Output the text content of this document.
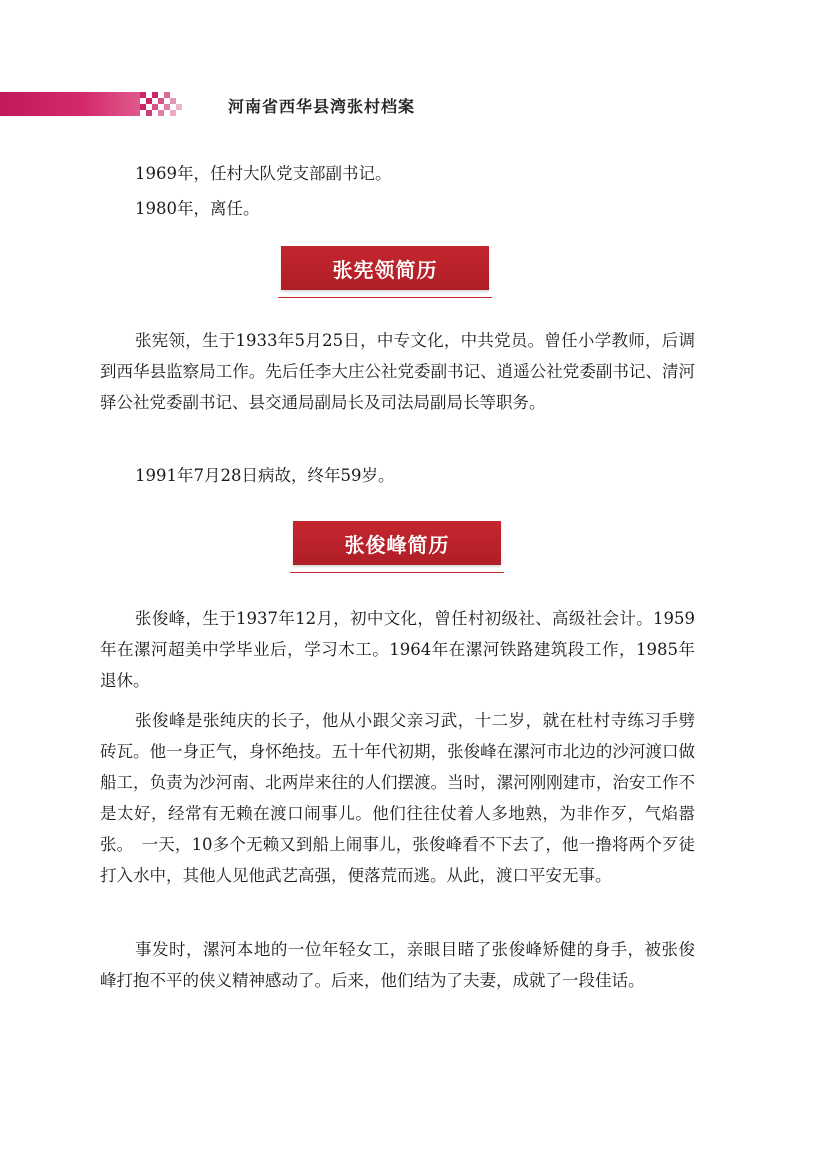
河南省西华县湾张村档案

1969年，任村大队党支部副书记。

1980年，离任。

张宪领简历

张宪领，生于1933年5月25日，中专文化，中共党员。曾任小学教师，后调到西华县监察局工作。先后任李大庄公社党委副书记、逍遥公社党委副书记、清河驿公社党委副书记、县交通局副局长及司法局副局长等职务。

1991年7月28日病故，终年59岁。

张俊峰简历

张俊峰，生于1937年12月，初中文化，曾任村初级社、高级社会计。1959年在漯河超美中学毕业后，学习木工。1964年在漯河铁路建筑段工作，1985年退休。

张俊峰是张纯庆的长子，他从小跟父亲习武，十二岁，就在杜村寺练习手劈砖瓦。他一身正气，身怀绝技。五十年代初期，张俊峰在漯河市北边的沙河渡口做船工，负责为沙河南、北两岸来往的人们摆渡。当时，漯河刚刚建市，治安工作不是太好，经常有无赖在渡口闹事儿。他们往往仗着人多地熟，为非作歹，气焰嚣张。　一天，10多个无赖又到船上闹事儿，张俊峰看不下去了，他一撸将两个歹徒打入水中，其他人见他武艺高强，便落荒而逃。从此，渡口平安无事。

事发时，漯河本地的一位年轻女工，亲眼目睹了张俊峰矫健的身手，被张俊峰打抱不平的侠义精神感动了。后来，他们结为了夫妻，成就了一段佳话。
